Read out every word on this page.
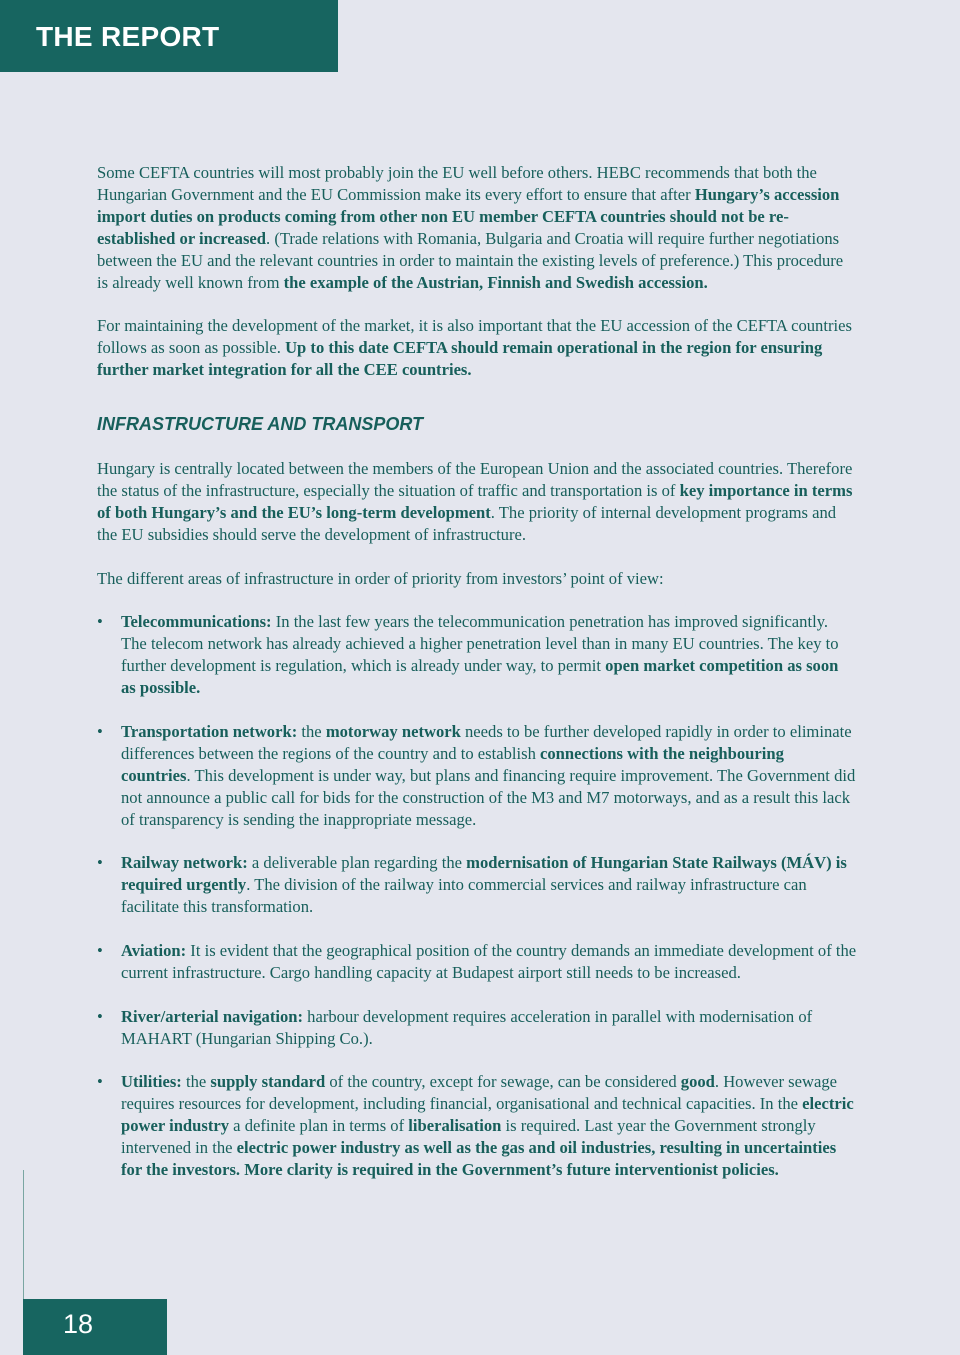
THE REPORT

Some CEFTA countries will most probably join the EU well before others. HEBC recommends that both the Hungarian Government and the EU Commission make its every effort to ensure that after Hungary’s accession import duties on products coming from other non EU member CEFTA countries should not be re-established or increased. (Trade relations with Romania, Bulgaria and Croatia will require further negotiations between the EU and the relevant countries in order to maintain the existing levels of preference.) This procedure is already well known from the example of the Austrian, Finnish and Swedish accession.

For maintaining the development of the market, it is also important that the EU accession of the CEFTA countries follows as soon as possible. Up to this date CEFTA should remain operational in the region for ensuring further market integration for all the CEE countries.

INFRASTRUCTURE AND TRANSPORT

Hungary is centrally located between the members of the European Union and the associated countries. Therefore the status of the infrastructure, especially the situation of traffic and transportation is of key importance in terms of both Hungary’s and the EU’s long-term development. The priority of internal development programs and the EU subsidies should serve the development of infrastructure.

The different areas of infrastructure in order of priority from investors’ point of view:

• Telecommunications: In the last few years the telecommunication penetration has improved significantly. The telecom network has already achieved a higher penetration level than in many EU countries. The key to further development is regulation, which is already under way, to permit open market competition as soon as possible.
• Transportation network: the motorway network needs to be further developed rapidly in order to eliminate differences between the regions of the country and to establish connections with the neighbouring countries. This development is under way, but plans and financing require improvement. The Government did not announce a public call for bids for the construction of the M3 and M7 motorways, and as a result this lack of transparency is sending the inappropriate message.
• Railway network: a deliverable plan regarding the modernisation of Hungarian State Railways (MÁV) is required urgently. The division of the railway into commercial services and railway infrastructure can facilitate this transformation.
• Aviation: It is evident that the geographical position of the country demands an immediate development of the current infrastructure. Cargo handling capacity at Budapest airport still needs to be increased.
• River/arterial navigation: harbour development requires acceleration in parallel with modernisation of MAHART (Hungarian Shipping Co.).
• Utilities: the supply standard of the country, except for sewage, can be considered good. However sewage requires resources for development, including financial, organisational and technical capacities. In the electric power industry a definite plan in terms of liberalisation is required. Last year the Government strongly intervened in the electric power industry as well as the gas and oil industries, resulting in uncertainties for the investors. More clarity is required in the Government’s future interventionist policies.
18
